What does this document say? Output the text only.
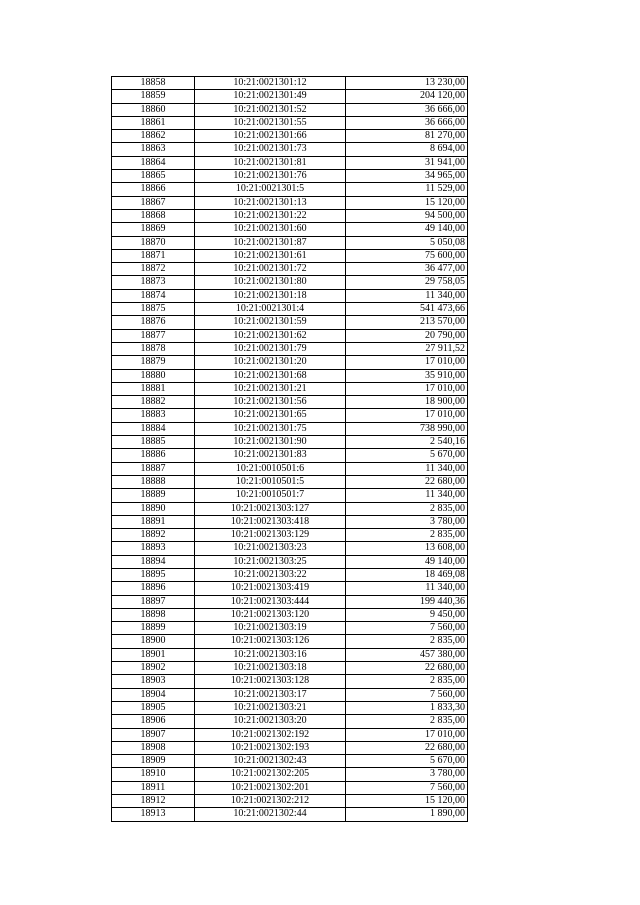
18858	10:21:0021301:12	13 230,00
18859	10:21:0021301:49	204 120,00
18860	10:21:0021301:52	36 666,00
18861	10:21:0021301:55	36 666,00
18862	10:21:0021301:66	81 270,00
18863	10:21:0021301:73	8 694,00
18864	10:21:0021301:81	31 941,00
18865	10:21:0021301:76	34 965,00
18866	10:21:0021301:5	11 529,00
18867	10:21:0021301:13	15 120,00
18868	10:21:0021301:22	94 500,00
18869	10:21:0021301:60	49 140,00
18870	10:21:0021301:87	5 050,08
18871	10:21:0021301:61	75 600,00
18872	10:21:0021301:72	36 477,00
18873	10:21:0021301:80	29 758,05
18874	10:21:0021301:18	11 340,00
18875	10:21:0021301:4	541 473,66
18876	10:21:0021301:59	213 570,00
18877	10:21:0021301:62	20 790,00
18878	10:21:0021301:79	27 911,52
18879	10:21:0021301:20	17 010,00
18880	10:21:0021301:68	35 910,00
18881	10:21:0021301:21	17 010,00
18882	10:21:0021301:56	18 900,00
18883	10:21:0021301:65	17 010,00
18884	10:21:0021301:75	738 990,00
18885	10:21:0021301:90	2 540,16
18886	10:21:0021301:83	5 670,00
18887	10:21:0010501:6	11 340,00
18888	10:21:0010501:5	22 680,00
18889	10:21:0010501:7	11 340,00
18890	10:21:0021303:127	2 835,00
18891	10:21:0021303:418	3 780,00
18892	10:21:0021303:129	2 835,00
18893	10:21:0021303:23	13 608,00
18894	10:21:0021303:25	49 140,00
18895	10:21:0021303:22	18 469,08
18896	10:21:0021303:419	11 340,00
18897	10:21:0021303:444	199 440,36
18898	10:21:0021303:120	9 450,00
18899	10:21:0021303:19	7 560,00
18900	10:21:0021303:126	2 835,00
18901	10:21:0021303:16	457 380,00
18902	10:21:0021303:18	22 680,00
18903	10:21:0021303:128	2 835,00
18904	10:21:0021303:17	7 560,00
18905	10:21:0021303:21	1 833,30
18906	10:21:0021303:20	2 835,00
18907	10:21:0021302:192	17 010,00
18908	10:21:0021302:193	22 680,00
18909	10:21:0021302:43	5 670,00
18910	10:21:0021302:205	3 780,00
18911	10:21:0021302:201	7 560,00
18912	10:21:0021302:212	15 120,00
18913	10:21:0021302:44	1 890,00
